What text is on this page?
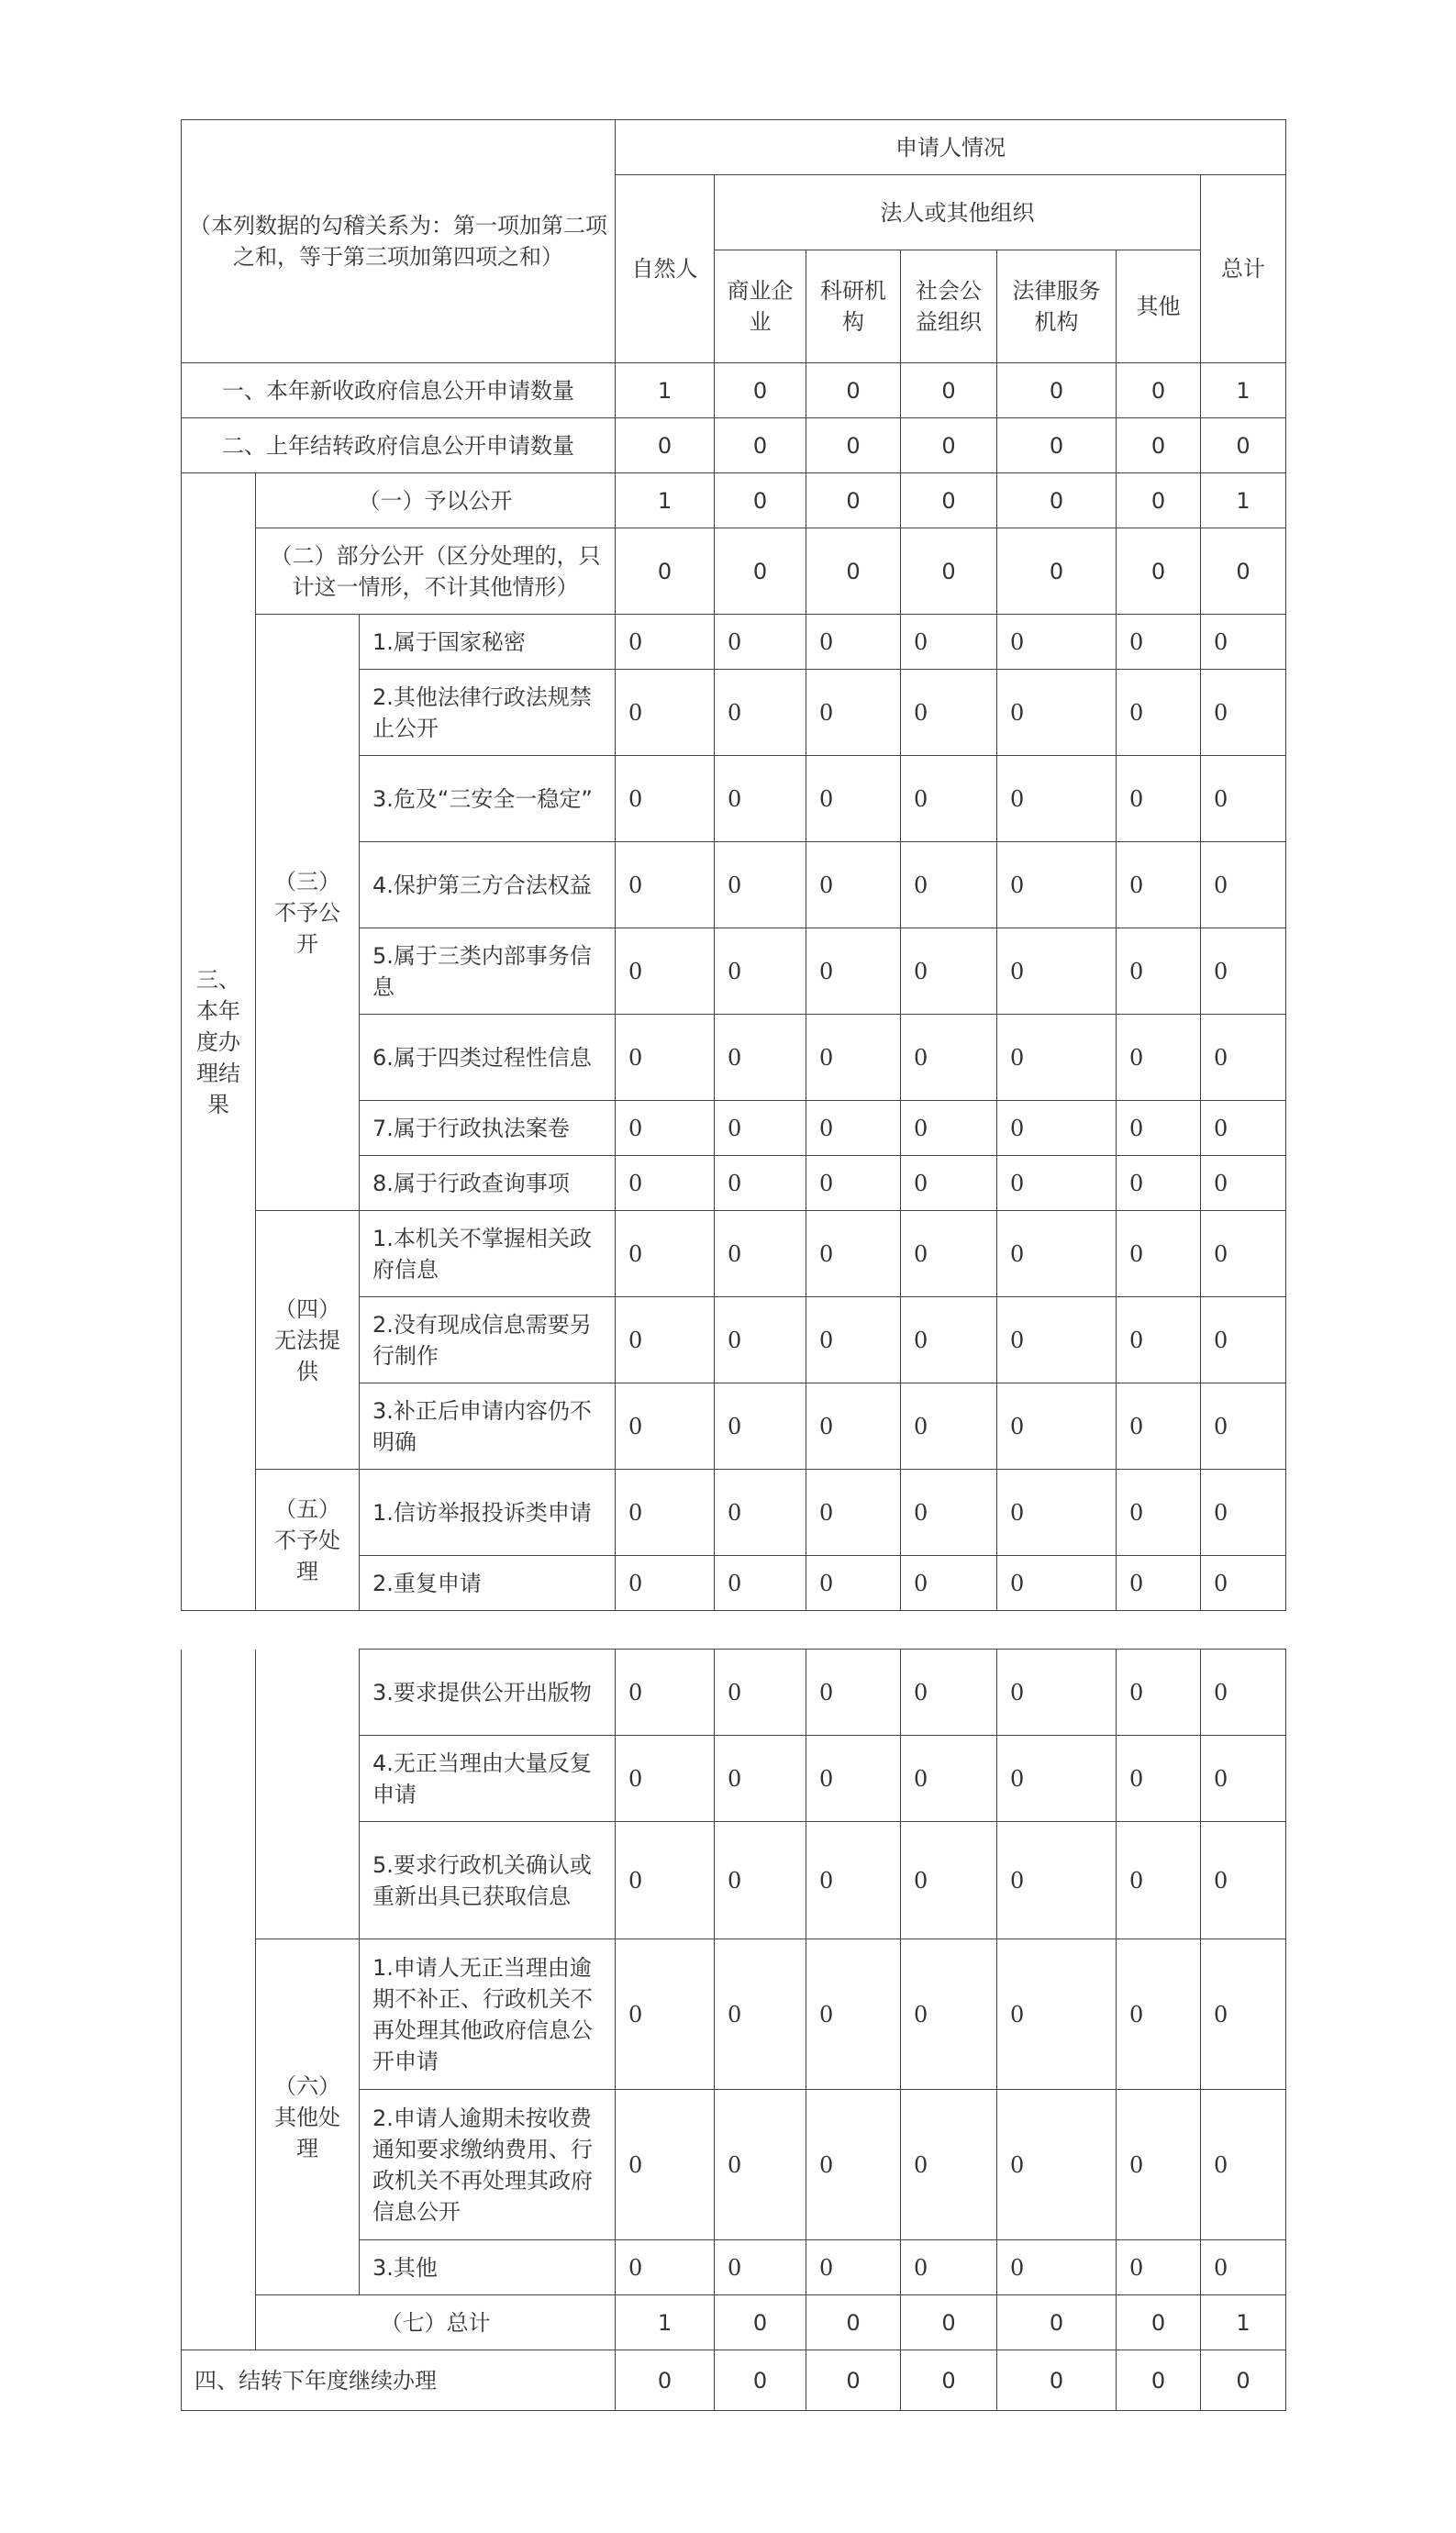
（本列数据的勾稽关系为：第一项加第二项之和，等于第三项加第四项之和）			申请人情况						
			自然人	法人或其他组织					总计
				商业企业	科研机构	社会公益组织	法律服务机构	其他	
一、本年新收政府信息公开申请数量			1	0	0	0	0	0	1
二、上年结转政府信息公开申请数量			0	0	0	0	0	0	0
三、本年度办理结果	（一）予以公开		1	0	0	0	0	0	1
	（二）部分公开（区分处理的，只计这一情形，不计其他情形）		0	0	0	0	0	0	0
	（三）不予公开	1.属于国家秘密	0	0	0	0	0	0	0
		2.其他法律行政法规禁止公开	0	0	0	0	0	0	0
		3.危及“三安全一稳定”	0	0	0	0	0	0	0
		4.保护第三方合法权益	0	0	0	0	0	0	0
		5.属于三类内部事务信息	0	0	0	0	0	0	0
		6.属于四类过程性信息	0	0	0	0	0	0	0
		7.属于行政执法案卷	0	0	0	0	0	0	0
		8.属于行政查询事项	0	0	0	0	0	0	0
	（四）无法提供	1.本机关不掌握相关政府信息	0	0	0	0	0	0	0
		2.没有现成信息需要另行制作	0	0	0	0	0	0	0
		3.补正后申请内容仍不明确	0	0	0	0	0	0	0
	（五）不予处理	1.信访举报投诉类申请	0	0	0	0	0	0	0
		2.重复申请	0	0	0	0	0	0	0
		3.要求提供公开出版物	0	0	0	0	0	0	0
		4.无正当理由大量反复申请	0	0	0	0	0	0	0
		5.要求行政机关确认或重新出具已获取信息	0	0	0	0	0	0	0
	（六）其他处理	1.申请人无正当理由逾期不补正、行政机关不再处理其他政府信息公开申请	0	0	0	0	0	0	0
		2.申请人逾期未按收费通知要求缴纳费用、行政机关不再处理其政府信息公开	0	0	0	0	0	0	0
		3.其他	0	0	0	0	0	0	0
	（七）总计		1	0	0	0	0	0	1
四、结转下年度继续办理			0	0	0	0	0	0	0
